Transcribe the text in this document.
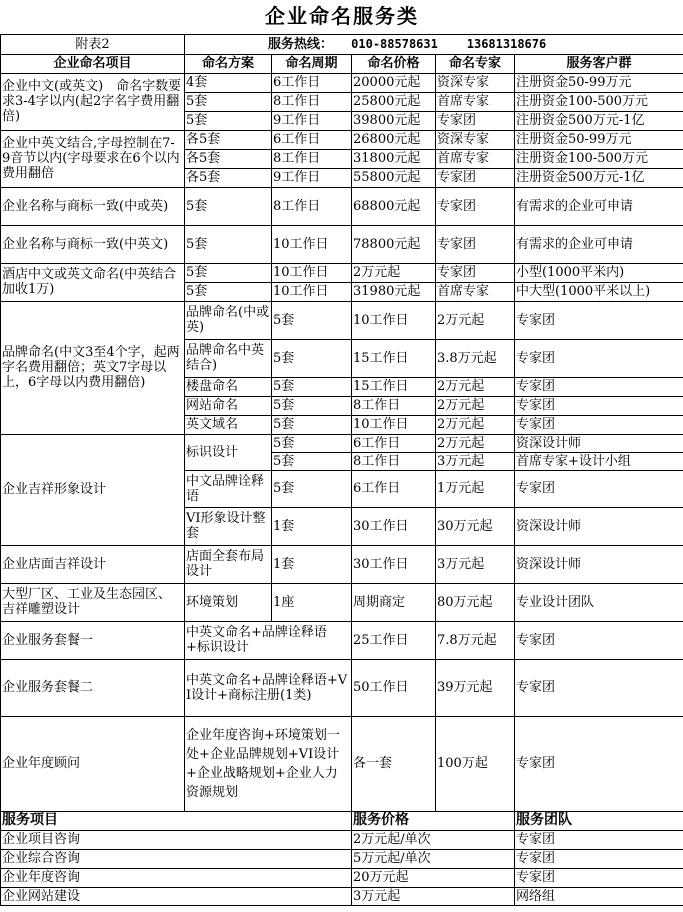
企业命名服务类					
附表2	服务热线： 010-88578631    13681318676				
企业命名项目	命名方案	命名周期	命名价格	命名专家	服务客户群
企业中文(或英文)　命名字数要求3-4字以内(起2字名字费用翻倍)	4套	6工作日	20000元起	资深专家	注册资金50-99万元
	5套	8工作日	25800元起	首席专家	注册资金100-500万元
	5套	9工作日	39800元起	专家团	注册资金500万元-1亿
企业中英文结合,字母控制在7-9音节以内(字母要求在6个以内费用翻倍	各5套	6工作日	26800元起	资深专家	注册资金50-99万元
	各5套	8工作日	31800元起	首席专家	注册资金100-500万元
	各5套	9工作日	55800元起	专家团	注册资金500万元-1亿
企业名称与商标一致(中或英)	5套	8工作日	68800元起	专家团	有需求的企业可申请
企业名称与商标一致(中英文)	5套	10工作日	78800元起	专家团	有需求的企业可申请
酒店中文或英文命名(中英结合加收1万)	5套	10工作日	2万元起	专家团	小型(1000平米内)
	5套	10工作日	31980元起	首席专家	中大型(1000平米以上)
品牌命名(中文3至4个字，起两字名费用翻倍；英文7字母以上，6字母以内费用翻倍)	品牌命名(中或英)	5套	10工作日	2万元起	专家团
	品牌命名中英结合)	5套	15工作日	3.8万元起	专家团
	楼盘命名	5套	15工作日	2万元起	专家团
	网站命名	5套	8工作日	2万元起	专家团
	英文域名	5套	10工作日	2万元起	专家团
企业吉祥形象设计	标识设计	5套	6工作日	2万元起	资深设计师
		5套	8工作日	3万元起	首席专家+设计小组
	中文品牌诠释语	5套	6工作日	1万元起	专家团
	VI形象设计整套	1套	30工作日	30万元起	资深设计师
企业店面吉祥设计	店面全套布局设计	1套	30工作日	3万元起	资深设计师
大型厂区、工业及生态园区、吉祥雕塑设计	环境策划	1座	周期商定	80万元起	专业设计团队
企业服务套餐一	中英文命名+品牌诠释语+标识设计		25工作日	7.8万元起	专家团
企业服务套餐二	中英文命名+品牌诠释语+VI设计+商标注册(1类)		50工作日	39万元起	专家团
企业年度顾问	企业年度咨询+环境策划一处+企业品牌规划+VI设计+企业战略规划+企业人力资源规划		各一套	100万起	专家团
服务项目			服务价格		服务团队
企业项目咨询			2万元起/单次		专家团
企业综合咨询			5万元起/单次		专家团
企业年度咨询			20万元起		专家团
企业网站建设			3万元起		网络组
